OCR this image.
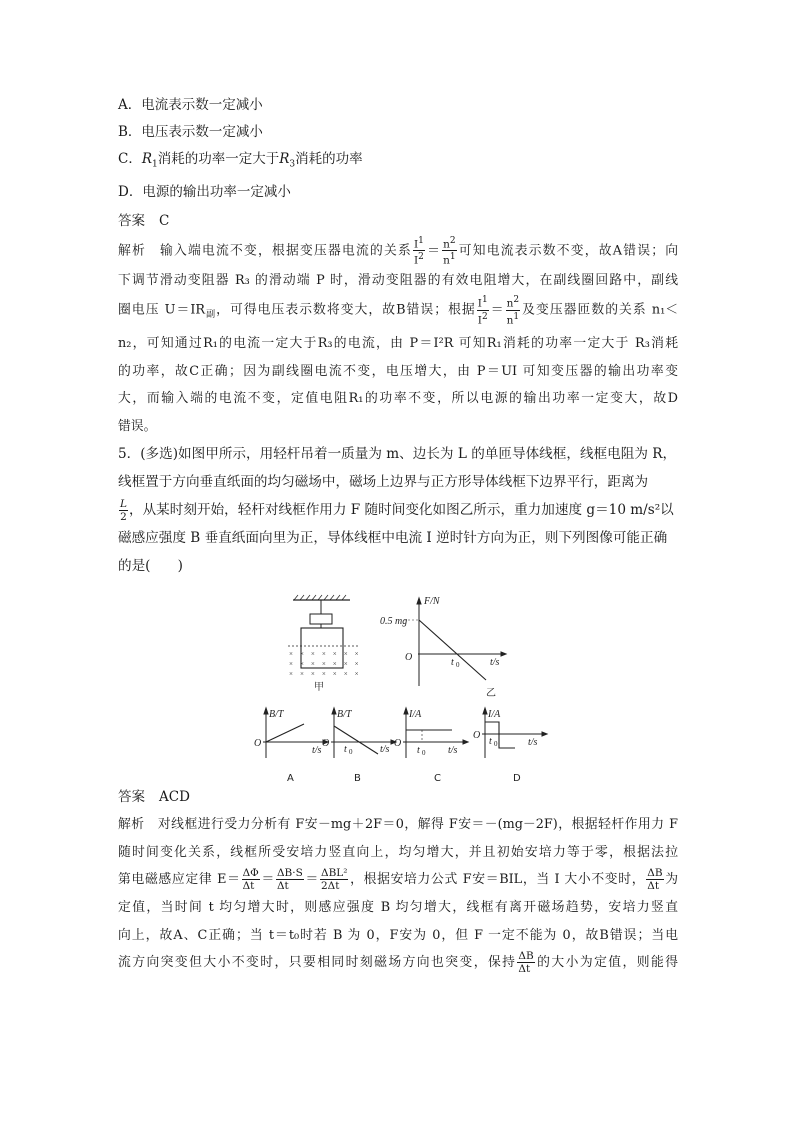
A．电流表示数一定减小
B．电压表示数一定减小
C．$R_1$消耗的功率一定大于$R_3$消耗的功率
D．电源的输出功率一定减小
答案 C
解析　 输入端电流不变，根据变压器电流的关系 $\frac{I^1}{I^2} = \frac{n^2}{n^1}$ 可知电流表示数不变，故A错误；向
下调节滑动变阻器 R₃ 的滑动端 P 时，滑动变阻器的有效电阻增大，在副线圈回路中，副线
圈电压 $U=IR_副$，可得电压表示数将变大，故B错误；根据 $\frac{I^1}{I^2} = \frac{n^2}{n^1}$ 及变压器匝数的关系 n₁＜
n₂，可知通过R₁的电流一定大于R₃的电流，由 P＝I²R 可知R₁消耗的功率一定大于 R₃消耗
的功率，故C正确；因为副线圈电流不变，电压增大，由 P＝UI 可知变压器的输出功率变
大，而输入端的电流不变，定值电阻R₁的功率不变，所以电源的输出功率一定变大，故D
错误。
5．(多选)如图甲所示，用轻杆吊着一质量为 m、边长为 L 的单匝导体线框，线框电阻为 R，
线框置于方向垂直纸面的均匀磁场中，磁场上边界与正方形导体线框下边界平行，距离为
$\frac{L}{2}$ ，从某时刻开始，轻杆对线框作用力 F 随时间变化如图乙所示，重力加速度 g＝10 m/s²以
磁感应强度 B 垂直纸面向里为正，导体线框中电流 I 逆时针方向为正，则下列图像可能正确
的是(　　)
×　×　×　×　×　×　×
×　×　×　×　×　×　×
×　×　×　×　×　×　×
甲
0.5 mg
F/N
O	t 0	t/s
乙
B/T
O
t/s
A
B/T
O
t 0	t/s
B
I/A
O
t 0 t/s
C
I/A
O
t 0	t/s
D
答案 ACD
解析　 对线框进行受力分析有 F安－mg＋2F＝0，解得 F安＝－(mg－2F)，根据轻杆作用力 F
随时间变化关系，线框所受安培力竖直向上，均匀增大，并且初始安培力等于零，根据法拉
第电磁感应定律 $E= \frac{\Delta\Phi}{\Delta t} = \frac{\Delta B\cdot S}{\Delta t} = \frac{\text{ΔBL²}}{2\Delta t}$ ，根据安培力公式 F安＝BIL，当 I 大小不变时， $\frac{\Delta B}{\Delta t}$ 为
定值，当时间 t 均匀增大时，则感应强度 B 均匀增大，线框有离开磁场趋势，安培力竖直
向上，故A、C正确；当 t＝t₀时若 B 为 0，F安为 0，但 F 一定不能为 0，故B错误；当电
流方向突变但大小不变时，只要相同时刻磁场方向也突变，保持 $\frac{\Delta B}{\Delta t}$ 的大小为定值，则能得
